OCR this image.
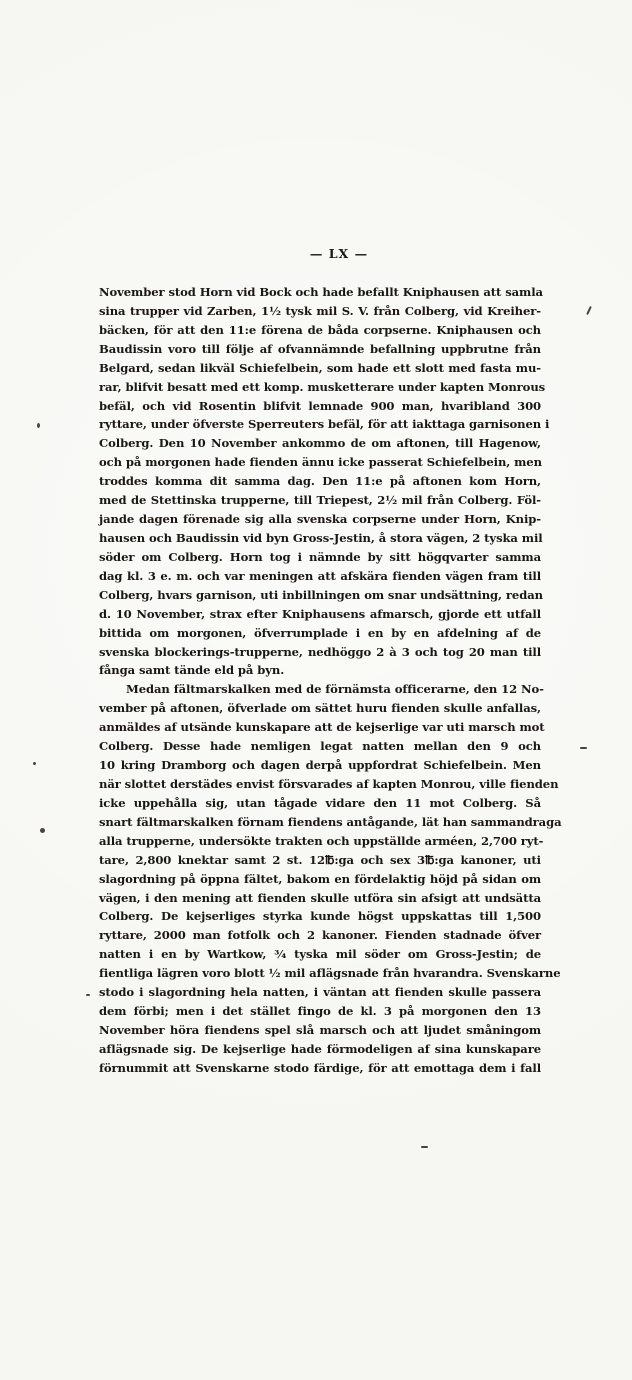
— LX —
November stod Horn vid Bock och hade befallt Kniphausen att samla
sina trupper vid Zarben, 1½ tysk mil S. V. från Colberg, vid Kreiher-
bäcken, för att den 11:e förena de båda corpserne. Kniphausen och
Baudissin voro till följe af ofvannämnde befallning uppbrutne från
Belgard, sedan likväl Schiefelbein, som hade ett slott med fasta mu-
rar, blifvit besatt med ett komp. musketterare under kapten Monrous
befäl, och vid Rosentin blifvit lemnade 900 man, hvaribland 300
ryttare, under öfverste Sperreuters befäl, för att iakttaga garnisonen i
Colberg. Den 10 November ankommo de om aftonen, till Hagenow,
och på morgonen hade fienden ännu icke passerat Schiefelbein, men
troddes komma dit samma dag. Den 11:e på aftonen kom Horn,
med de Stettinska trupperne, till Triepest, 2½ mil från Colberg. Föl-
jande dagen förenade sig alla svenska corpserne under Horn, Knip-
hausen och Baudissin vid byn Gross-Jestin, å stora vägen, 2 tyska mil
söder om Colberg. Horn tog i nämnde by sitt högqvarter samma
dag kl. 3 e. m. och var meningen att afskära fienden vägen fram till
Colberg, hvars garnison, uti inbillningen om snar undsättning, redan
d. 10 November, strax efter Kniphausens afmarsch, gjorde ett utfall
bittida om morgonen, öfverrumplade i en by en afdelning af de
svenska blockerings-trupperne, nedhöggo 2 à 3 och tog 20 man till
fånga samt tände eld på byn.
Medan fältmarskalken med de förnämsta officerarne, den 12 No-
vember på aftonen, öfverlade om sättet huru fienden skulle anfallas,
anmäldes af utsände kunskapare att de kejserlige var uti marsch mot
Colberg. Desse hade nemligen legat natten mellan den 9 och
10 kring Dramborg och dagen derpå uppfordrat Schiefelbein. Men
när slottet derstädes envist försvarades af kapten Monrou, ville fienden
icke uppehålla sig, utan tågade vidare den 11 mot Colberg. Så
snart fältmarskalken förnam fiendens antågande, lät han sammandraga
alla trupperne, undersökte trakten och uppställde arméen, 2,700 ryt-
tare, 2,800 knektar samt 2 st. 12℔:ga och sex 3℔:ga kanoner, uti
slagordning på öppna fältet, bakom en fördelaktig höjd på sidan om
vägen, i den mening att fienden skulle utföra sin afsigt att undsätta
Colberg. De kejserliges styrka kunde högst uppskattas till 1,500
ryttare, 2000 man fotfolk och 2 kanoner. Fienden stadnade öfver
natten i en by Wartkow, ¾ tyska mil söder om Gross-Jestin; de
fientliga lägren voro blott ½ mil aflägsnade från hvarandra. Svenskarne
stodo i slagordning hela natten, i väntan att fienden skulle passera
dem förbi; men i det stället fingo de kl. 3 på morgonen den 13
November höra fiendens spel slå marsch och att ljudet småningom
aflägsnade sig. De kejserlige hade förmodeligen af sina kunskapare
förnummit att Svenskarne stodo färdige, för att emottaga dem i fall
